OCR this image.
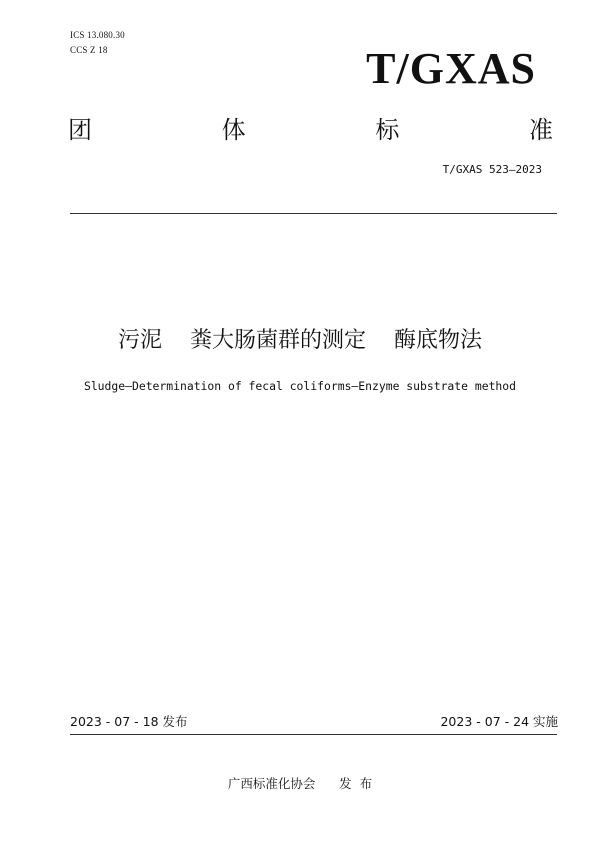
ICS 13.080.30
CCS Z 18	T/GXAS
团	体	标	准
T/GXAS 523—2023
污泥    粪大肠菌群的测定    酶底物法
Sludge—Determination of fecal coliforms—Enzyme substrate method
2023 - 07 - 18 发布	2023 - 07 - 24 实施
广西标准化协会      发  布
